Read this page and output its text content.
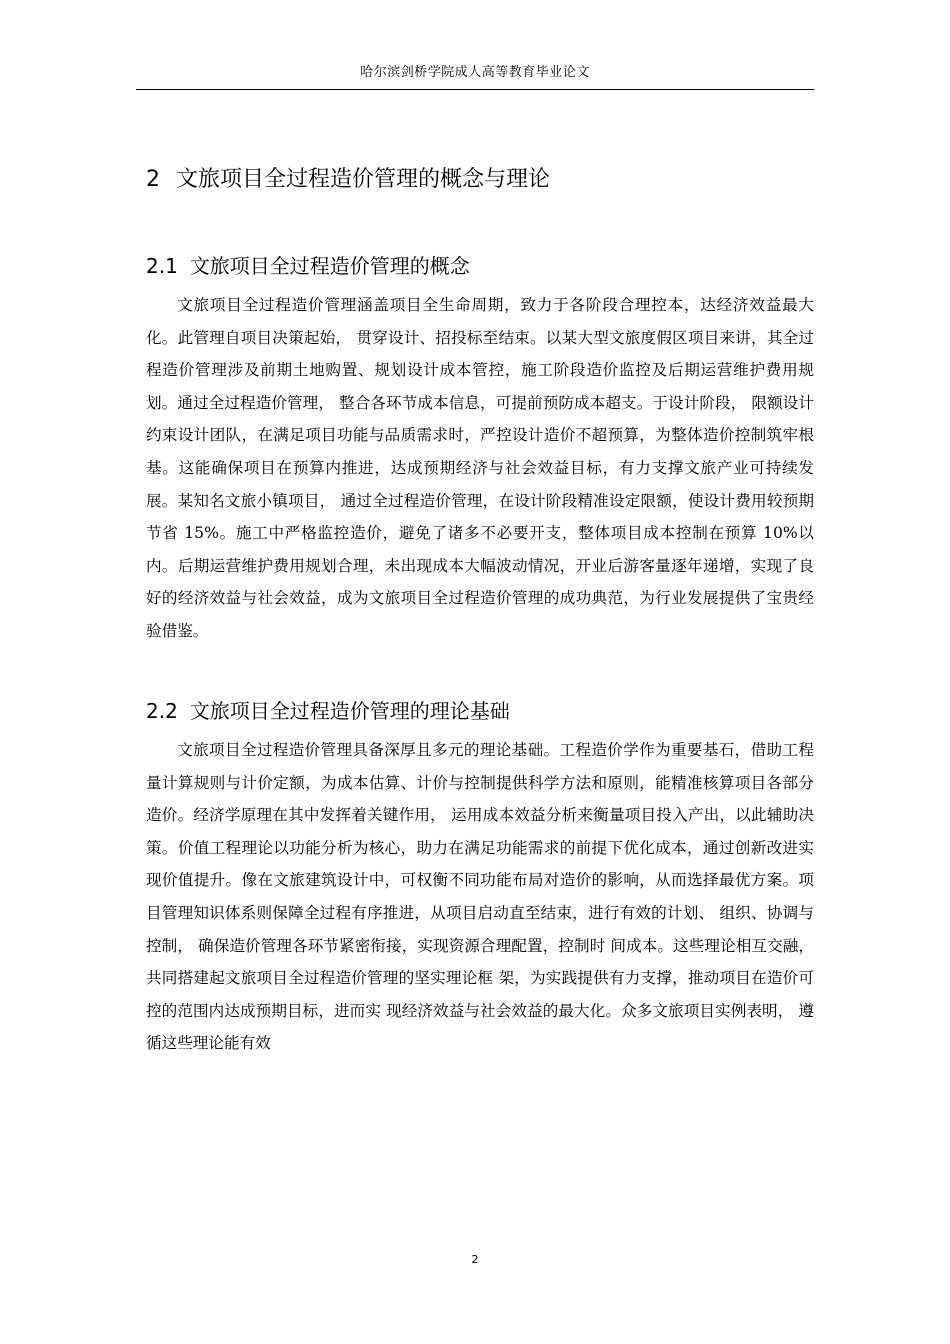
哈尔滨剑桥学院成人高等教育毕业论文
2 文旅项目全过程造价管理的概念与理论
2.1 文旅项目全过程造价管理的概念

文旅项目全过程造价管理涵盖项目全生命周期，致力于各阶段合理控本，达经济效益最大化。此管理自项目决策起始， 贯穿设计、招投标至结束。以某大型文旅度假区项目来讲，其全过程造价管理涉及前期土地购置、规划设计成本管控，施工阶段造价监控及后期运营维护费用规划。通过全过程造价管理， 整合各环节成本信息，可提前预防成本超支。于设计阶段， 限额设计约束设计团队，在满足项目功能与品质需求时，严控设计造价不超预算，为整体造价控制筑牢根基。这能确保项目在预算内推进，达成预期经济与社会效益目标，有力支撑文旅产业可持续发展。某知名文旅小镇项目， 通过全过程造价管理，在设计阶段精准设定限额，使设计费用较预期节省 15%。施工中严格监控造价，避免了诸多不必要开支，整体项目成本控制在预算 10%以内。后期运营维护费用规划合理，未出现成本大幅波动情况，开业后游客量逐年递增，实现了良好的经济效益与社会效益，成为文旅项目全过程造价管理的成功典范，为行业发展提供了宝贵经验借鉴。

2.2 文旅项目全过程造价管理的理论基础

文旅项目全过程造价管理具备深厚且多元的理论基础。工程造价学作为重要基石，借助工程量计算规则与计价定额，为成本估算、计价与控制提供科学方法和原则，能精准核算项目各部分造价。经济学原理在其中发挥着关键作用， 运用成本效益分析来衡量项目投入产出，以此辅助决策。价值工程理论以功能分析为核心，助力在满足功能需求的前提下优化成本，通过创新改进实现价值提升。像在文旅建筑设计中，可权衡不同功能布局对造价的影响，从而选择最优方案。项目管理知识体系则保障全过程有序推进，从项目启动直至结束，进行有效的计划、 组织、协调与控制， 确保造价管理各环节紧密衔接，实现资源合理配置，控制时 间成本。这些理论相互交融， 共同搭建起文旅项目全过程造价管理的坚实理论框 架，为实践提供有力支撑，推动项目在造价可控的范围内达成预期目标，进而实 现经济效益与社会效益的最大化。众多文旅项目实例表明， 遵循这些理论能有效

2
